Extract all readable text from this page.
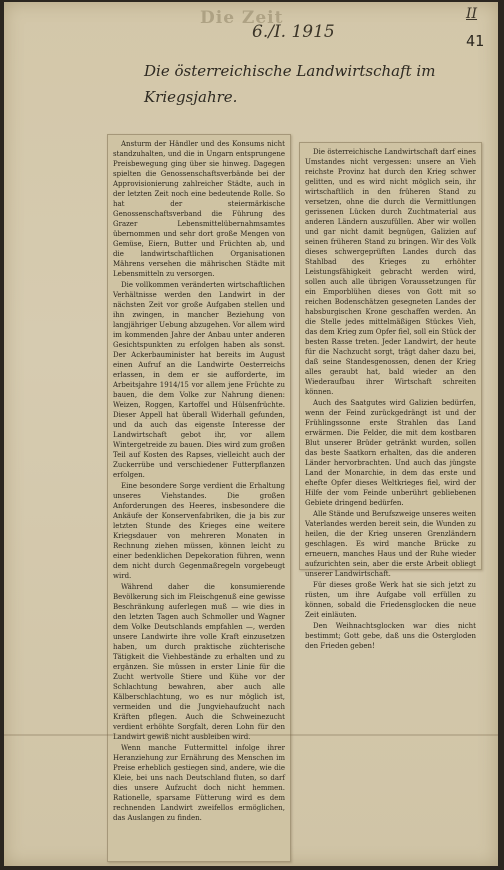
Die Zeit
6./I. 1915
II
41
Die österreichische Landwirtschaft im
Kriegsjahre.

Ansturm der Händler und des Konsums nicht standzuhalten, und die in Ungarn entsprungene Preisbewegung ging über sie hinweg. Dagegen spielten die Genossenschaftsverbände bei der Approvisionierung zahlreicher Städte, auch in der letzten Zeit noch eine bedeutende Rolle. So hat der steiermärkische Genossenschaftsverband die Führung des Grazer Lebensmittelübernahmsamtes übernommen und sehr dort große Mengen von Gemüse, Eiern, Butter und Früchten ab, und die landwirtschaftlichen Organisationen Mährens versehen die mährischen Städte mit Lebensmitteln zu versorgen.

Die vollkommen veränderten wirtschaftlichen Verhältnisse werden den Landwirt in der nächsten Zeit vor große Aufgaben stellen und ihn zwingen, in mancher Beziehung von langjähriger Uebung abzugehen. Vor allem wird im kommenden Jahre der Anbau unter anderen Gesichtspunkten zu erfolgen haben als sonst. Der Ackerbauminister hat bereits im August einen Aufruf an die Landwirte Oesterreichs erlassen, in dem er sie aufforderte, im Arbeitsjahre 1914/15 vor allem jene Früchte zu bauen, die dem Volke zur Nahrung dienen: Weizen, Roggen, Kartoffel und Hülsenfrüchte. Dieser Appell hat überall Widerhall gefunden, und da auch das eigenste Interesse der Landwirtschaft gebot ihr, vor allem Wintergetreide zu bauen. Dies wird zum großen Teil auf Kosten des Rapses, vielleicht auch der Zuckerrübe und verschiedener Futterpflanzen erfolgen.

Eine besondere Sorge verdient die Erhaltung unseres Viehstandes. Die großen Anforderungen des Heeres, insbesondere die Ankäufe der Konservenfabriken, die ja bis zur letzten Stunde des Krieges eine weitere Kriegsdauer von mehreren Monaten in Rechnung ziehen müssen, können leicht zu einer bedenklichen Depekoration führen, wenn dem nicht durch Gegenmaßregeln vorgebeugt wird.

Während daher die konsumierende Bevölkerung sich im Fleischgenuß eine gewisse Beschränkung auferlegen muß — wie dies in den letzten Tagen auch Schmoller und Wagner dem Volke Deutschlands empfahlen —, werden unsere Landwirte ihre volle Kraft einzusetzen haben, um durch praktische züchterische Tätigkeit die Viehbestände zu erhalten und zu ergänzen. Sie müssen in erster Linie für die Zucht wertvolle Stiere und Kühe vor der Schlachtung bewahren, aber auch alle Kälberschlachtung, wo es nur möglich ist, vermeiden und die Jungviehaufzucht nach Kräften pflegen. Auch die Schweinezucht verdient erhöhte Sorgfalt, deren Lohn für den Landwirt gewiß nicht ausbleiben wird.

Wenn manche Futtermittel infolge ihrer Heranziehung zur Ernährung des Menschen im Preise erheblich gestiegen sind, andere, wie die Kleie, bei uns nach Deutschland fluten, so darf dies unsere Aufzucht doch nicht hemmen. Rationelle, sparsame Fütterung wird es dem rechnenden Landwirt zweifellos ermöglichen, das Auslangen zu finden.

Die österreichische Landwirtschaft darf eines Umstandes nicht vergessen: unsere an Vieh reichste Provinz hat durch den Krieg schwer gelitten, und es wird nicht möglich sein, ihr wirtschaftlich in den früheren Stand zu versetzen, ohne die durch die Vermittlungen gerissenen Lücken durch Zuchtmaterial aus anderen Ländern auszufüllen. Aber wir wollen und gar nicht damit begnügen, Galizien auf seinen früheren Stand zu bringen. Wir des Volk dieses schwergeprüften Landes durch das Stahlbad des Krieges zu erhöhter Leistungsfähigkeit gebracht werden wird, sollen auch alle übrigen Voraussetzungen für ein Emporblühen dieses von Gott mit so reichen Bodenschätzen gesegneten Landes der habsburgischen Krone geschaffen werden. An die Stelle jedes mittelmäßigen Stückes Vieh, das dem Krieg zum Opfer fiel, soll ein Stück der besten Rasse treten. Jeder Landwirt, der heute für die Nachzucht sorgt, trägt daher dazu bei, daß seine Standesgenossen, denen der Krieg alles geraubt hat, bald wieder an den Wiederaufbau ihrer Wirtschaft schreiten können.

Auch des Saatgutes wird Galizien bedürfen, wenn der Feind zurückgedrängt ist und der Frühlingssonne erste Strahlen das Land erwärmen. Die Felder, die mit dem kostbaren Blut unserer Brüder getränkt wurden, sollen das beste Saatkorn erhalten, das die anderen Länder hervorbrachten. Und auch das jüngste Land der Monarchie, in dem das erste und ehefte Opfer dieses Weltkrieges fiel, wird der Hilfe der vom Feinde unberührt gebliebenen Gebiete dringend bedürfen.

Alle Stände und Berufszweige unseres weiten Vaterlandes werden bereit sein, die Wunden zu heilen, die der Krieg unseren Grenzländern geschlagen. Es wird manche Brücke zu erneuern, manches Haus und der Ruhe wieder aufzurichten sein, aber die erste Arbeit obliegt unserer Landwirtschaft.

Für dieses große Werk hat sie sich jetzt zu rüsten, um ihre Aufgabe voll erfüllen zu können, sobald die Friedensglocken die neue Zeit einläuten.

Den Weihnachtsglocken war dies nicht bestimmt; Gott gebe, daß uns die Ostergloden den Frieden geben!
